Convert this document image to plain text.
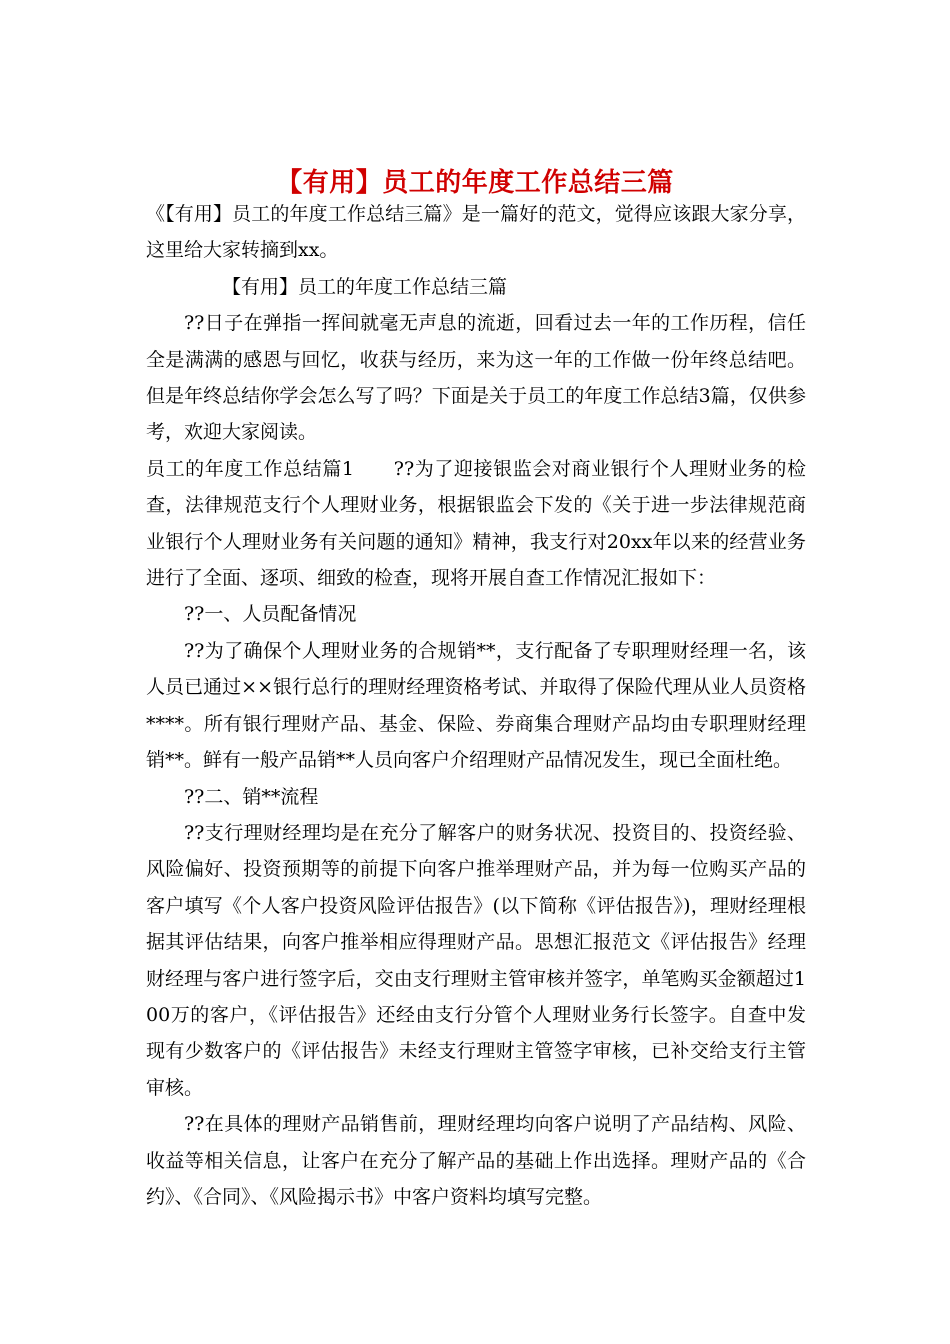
【有用】员工的年度工作总结三篇

《【有用】员工的年度工作总结三篇》是一篇好的范文，觉得应该跟大家分享，这里给大家转摘到xx。

【有用】员工的年度工作总结三篇

??日子在弹指一挥间就毫无声息的流逝，回看过去一年的工作历程，信任全是满满的感恩与回忆，收获与经历，来为这一年的工作做一份年终总结吧。但是年终总结你学会怎么写了吗？下面是关于员工的年度工作总结3篇，仅供参考，欢迎大家阅读。

员工的年度工作总结篇1　　??为了迎接银监会对商业银行个人理财业务的检查，法律规范支行个人理财业务，根据银监会下发的《关于进一步法律规范商业银行个人理财业务有关问题的通知》精神，我支行对20xx年以来的经营业务进行了全面、逐项、细致的检查，现将开展自查工作情况汇报如下：

??一、人员配备情况

??为了确保个人理财业务的合规销**，支行配备了专职理财经理一名，该人员已通过××银行总行的理财经理资格考试、并取得了保险代理从业人员资格****。所有银行理财产品、基金、保险、券商集合理财产品均由专职理财经理销**。鲜有一般产品销**人员向客户介绍理财产品情况发生，现已全面杜绝。

??二、销**流程

??支行理财经理均是在充分了解客户的财务状况、投资目的、投资经验、风险偏好、投资预期等的前提下向客户推举理财产品，并为每一位购买产品的客户填写《个人客户投资风险评估报告》(以下简称《评估报告》)，理财经理根据其评估结果，向客户推举相应得理财产品。思想汇报范文《评估报告》经理财经理与客户进行签字后，交由支行理财主管审核并签字，单笔购买金额超过100万的客户，《评估报告》还经由支行分管个人理财业务行长签字。自查中发现有少数客户的《评估报告》未经支行理财主管签字审核，已补交给支行主管审核。

??在具体的理财产品销售前，理财经理均向客户说明了产品结构、风险、收益等相关信息，让客户在充分了解产品的基础上作出选择。理财产品的《合约》、《合同》、《风险揭示书》中客户资料均填写完整。
